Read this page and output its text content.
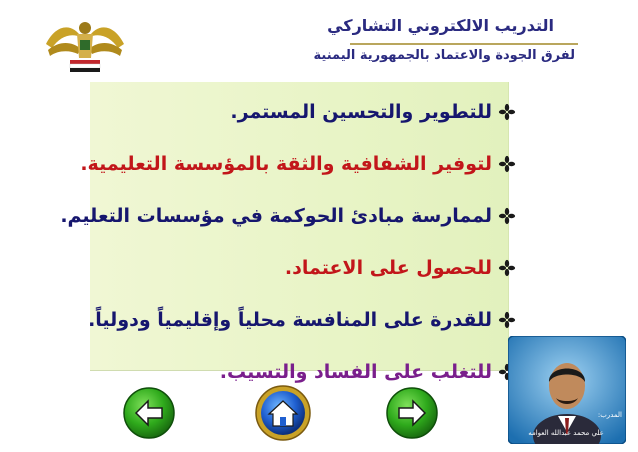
التدريب الالكتروني التشاركي
لفرق الجودة والاعتماد بالجمهورية اليمنية
للتطوير والتحسين المستمر.
لتوفير الشفافية والثقة بالمؤسسة التعليمية.
لممارسة مبادئ الحوكمة في مؤسسات التعليم.
للحصول على الاعتماد.
للقدرة على المنافسة محلياً وإقليمياً ودولياً.
للتغلب على الفساد والتسيب.
المدرب:
علي محمد عبدالله العوامه
